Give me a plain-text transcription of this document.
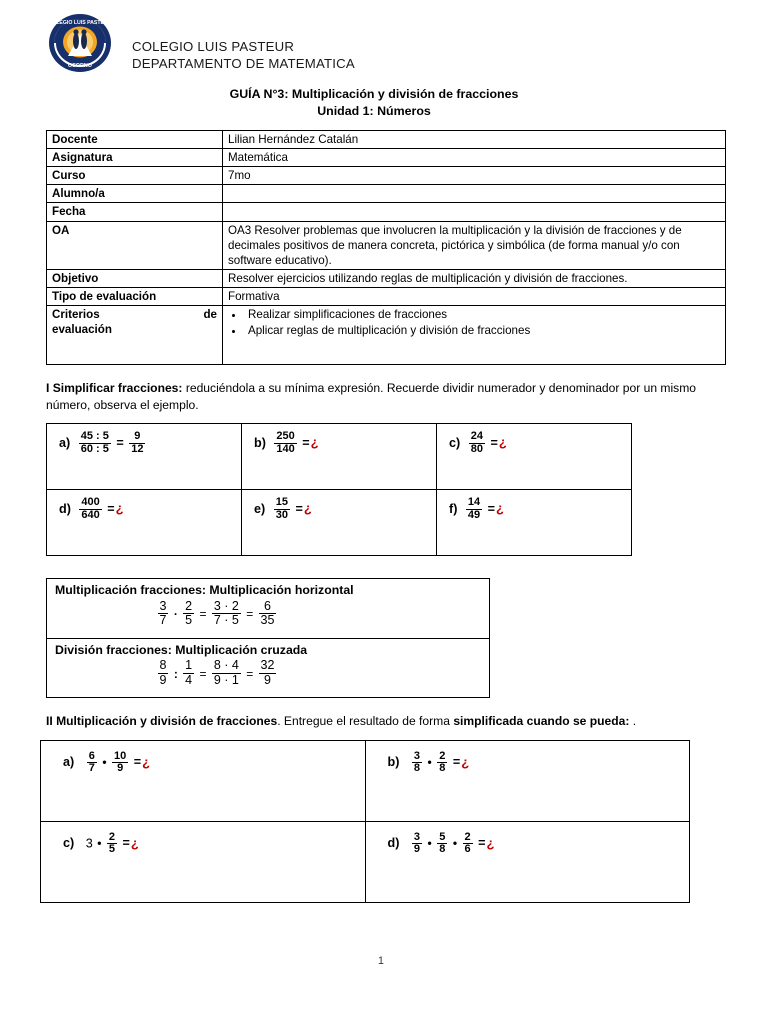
COLEGIO LUIS PASTEUR
OSORNO
COLEGIO LUIS PASTEUR
DEPARTAMENTO DE MATEMATICA
GUÍA N°3: Multiplicación y división de fracciones
Unidad 1: Números
Docente	Lilian Hernández Catalán
Asignatura	Matemática
Curso	7mo
Alumno/a	
Fecha	
OA	OA3 Resolver problemas que involucren la multiplicación y la división de fracciones y de decimales positivos de manera concreta, pictórica y simbólica (de forma manual y/o con software educativo).
Objetivo	Resolver ejercicios utilizando reglas de multiplicación y división de fracciones.
Tipo de evaluación	Formativa

Criterios	de
evaluación

• Realizar simplificaciones de fracciones
• Aplicar reglas de multiplicación y división de fracciones
I Simplificar fracciones: reduciéndola a su mínima expresión. Recuerde dividir numerador y denominador por un mismo número, observa el ejemplo.
$a) \frac{45 : 5}{60 : 5} = \frac{9}{12}$	$b) \frac{250}{140}$ =¿	$c) \frac{24}{80}$ =¿
$d) \frac{400}{640}$ =¿	$e) \frac{15}{30}$ =¿	$f) \frac{14}{49}$ =¿
Multiplicación fracciones: Multiplicación horizontal
$\frac{3}{7} \cdot \frac{2}{5} = \frac{3 \cdot 2}{7 \cdot 5} = \frac{6}{35}$

División fracciones: Multiplicación cruzada
$\frac{8}{9}$ : $\frac{1}{4} = \frac{8 \cdot 4}{9 \cdot 1} = \frac{32}{9}$
II Multiplicación y división de fracciones. Entregue el resultado de forma simplificada cuando se pueda: .
$a) \frac{6}{7}$ • $\frac{10}{9}$ =¿	$b) \frac{3}{8}$ • $\frac{2}{8}$ =¿
c) 3 • $\frac{2}{5}$ =¿	$d) \frac{3}{9}$ • $\frac{5}{8}$ • $\frac{2}{6}$ =¿
1
